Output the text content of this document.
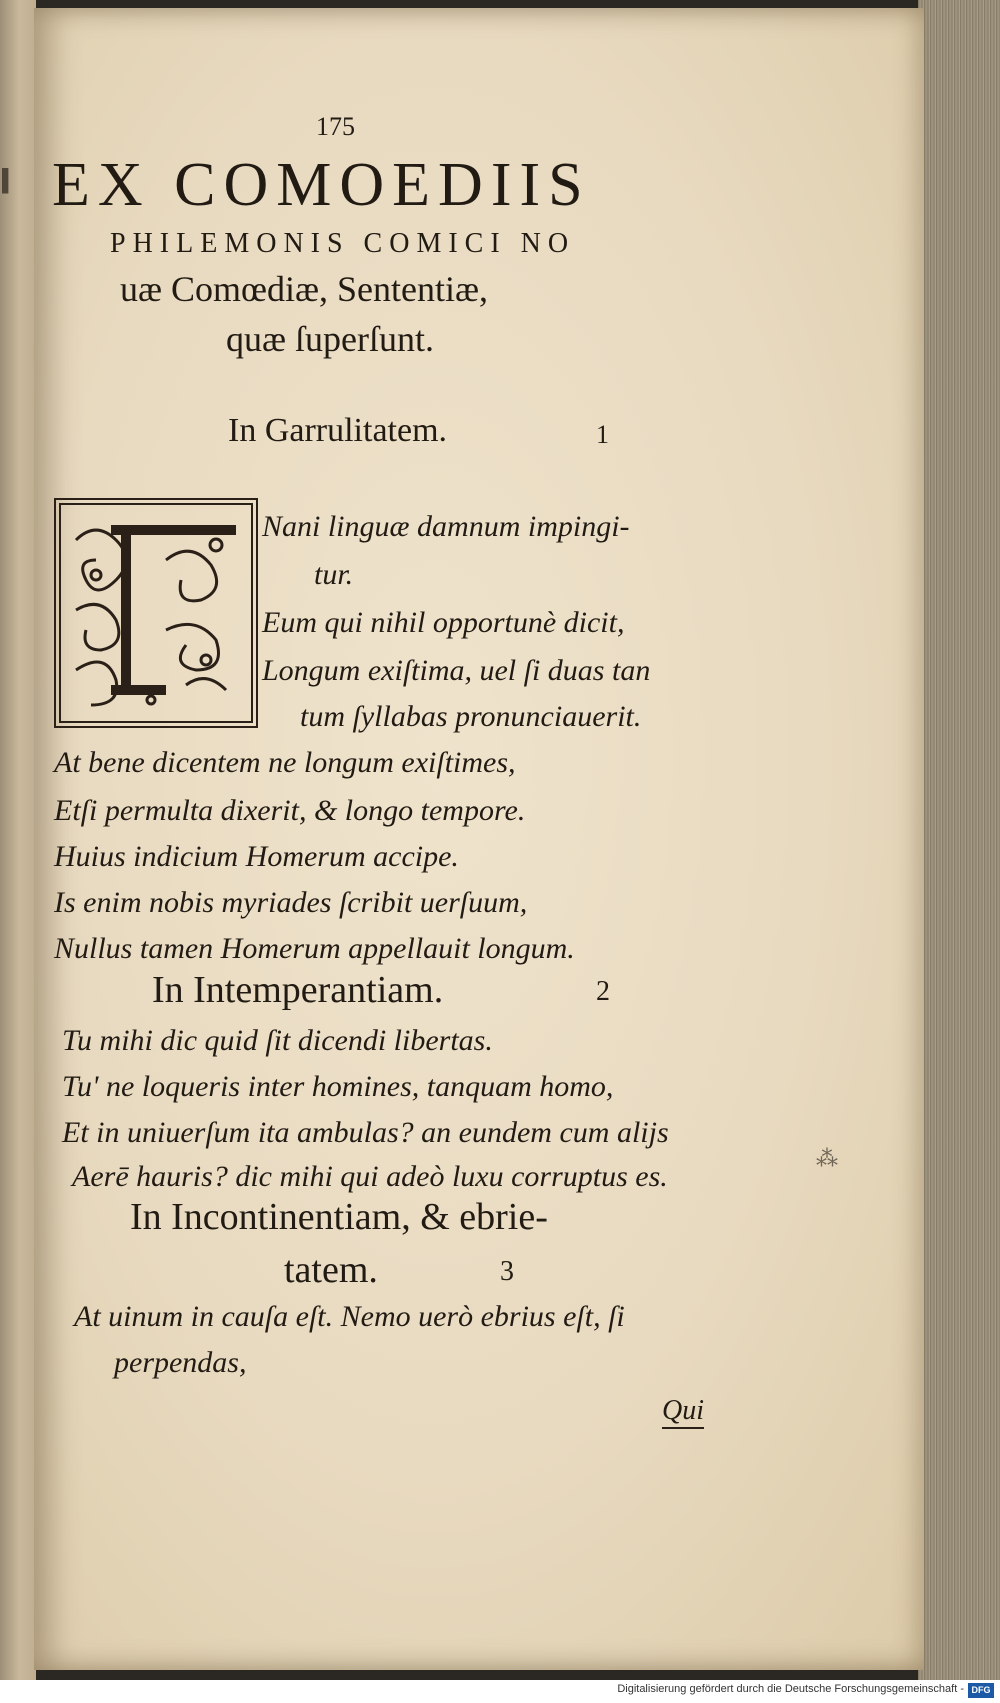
▍
175
EX COMOEDIIS
PHILEMONIS COMICI NO
uæ Comœdiæ, Sententiæ,
quæ ſuperſunt.
In Garrulitatem.	1
Nani linguæ damnum impingi-
tur.
Eum qui nihil opportunè dicit,
Longum exiſtima, uel ſi duas tan
tum ſyllabas pronunciauerit.
At bene dicentem ne longum exiſtimes,
Etſi permulta dixerit, & longo tempore.
Huius indicium Homerum accipe.
Is enim nobis myriades ſcribit uerſuum,
Nullus tamen Homerum appellauit longum.
In Intemperantiam.	2
Tu mihi dic quid ſit dicendi libertas.
Tu' ne loqueris inter homines, tanquam homo,
Et in uniuerſum ita ambulas? an eundem cum aliјs
Aerē hauris? dic mihi qui adeò luxu corruptus es.
In Incontinentiam, & ebrie-
tatem.	3
At uinum in cauſa eſt. Nemo uerò ebrius eſt, ſi
perpendas,
Qui
⁂
Digitalisierung gefördert durch die Deutsche Forschungsgemeinschaft - DFG
